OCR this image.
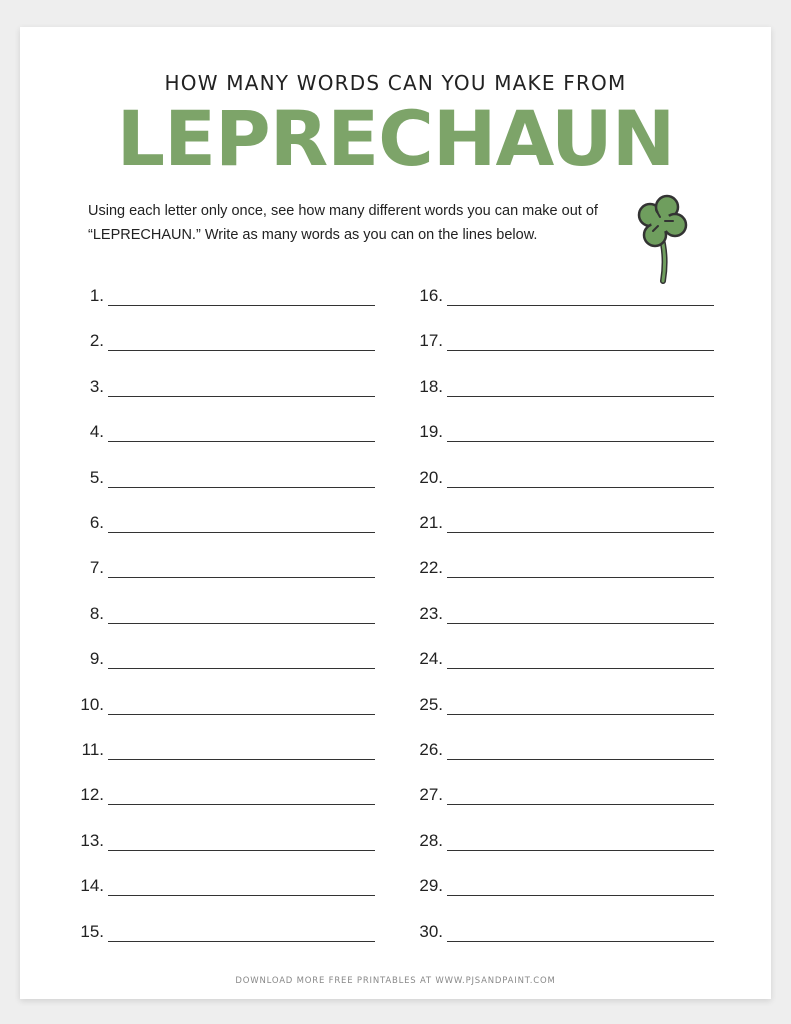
HOW MANY WORDS CAN YOU MAKE FROM
LEPRECHAUN
Using each letter only once, see how many different words you can make out of “LEPRECHAUN.” Write as many words as you can on the lines below.
1.
2.
3.
4.
5.
6.
7.
8.
9.
10.
11.
12.
13.
14.
15.
16.
17.
18.
19.
20.
21.
22.
23.
24.
25.
26.
27.
28.
29.
30.
DOWNLOAD MORE FREE PRINTABLES AT WWW.PJSANDPAINT.COM
